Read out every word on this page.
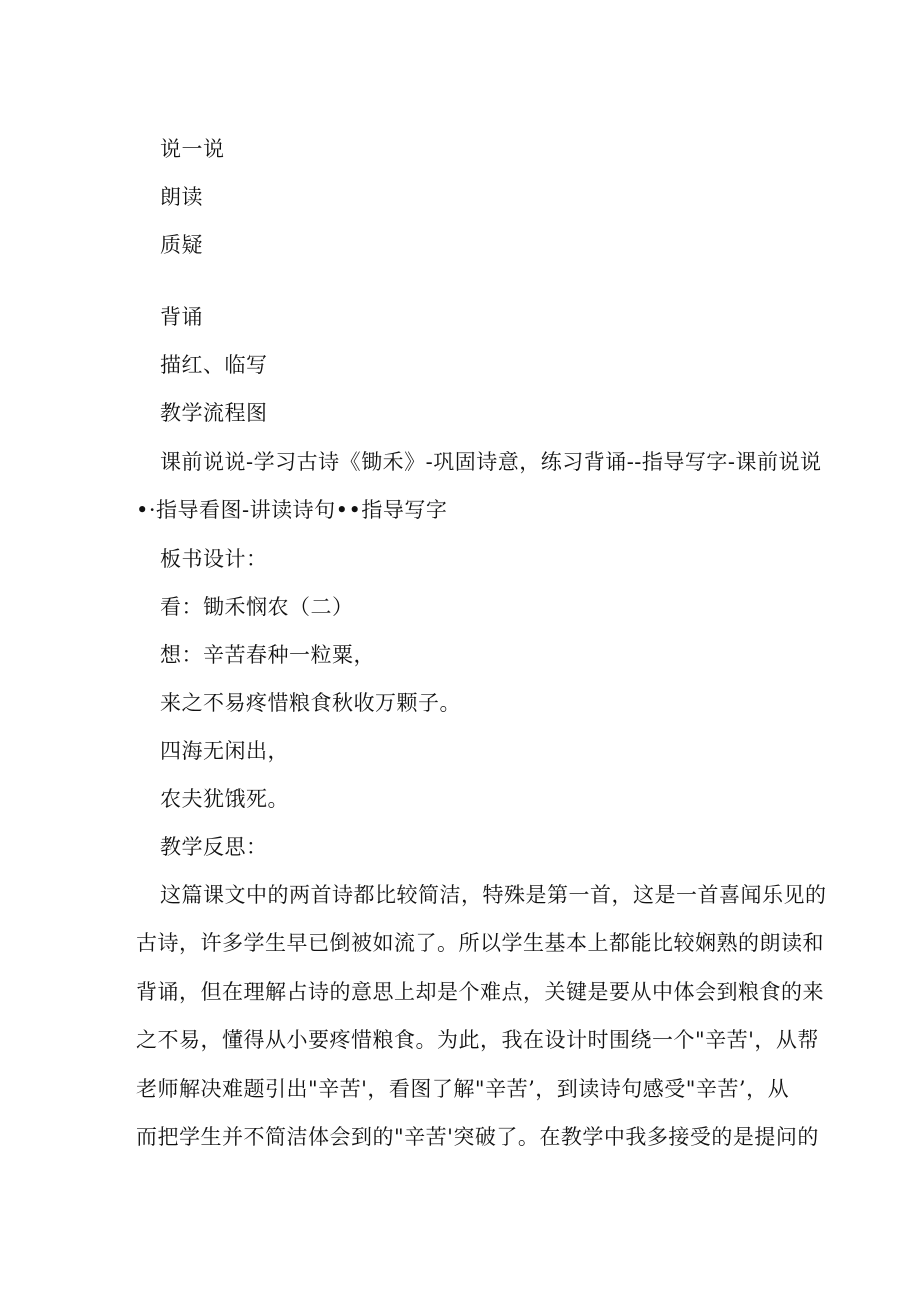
说一说
朗读
质疑
背诵
描红、临写
教学流程图
课前说说-学习古诗《锄禾》-巩固诗意，练习背诵--指导写字-课前说说
•·指导看图-讲读诗句••指导写字
板书设计：
看：锄禾悯农（二）
想：辛苦春种一粒粟，
来之不易疼惜粮食秋收万颗子。
四海无闲出，
农夫犹饿死。
教学反思：
这篇课文中的两首诗都比较简洁，特殊是第一首，这是一首喜闻乐见的
古诗，许多学生早已倒被如流了。所以学生基本上都能比较娴熟的朗读和
背诵，但在理解占诗的意思上却是个难点，关键是要从中体会到粮食的来
之不易，懂得从小要疼惜粮食。为此，我在设计时围绕一个"辛苦'，从帮
老师解决难题引出"辛苦'，看图了解"辛苦’，到读诗句感受"辛苦’，从
而把学生并不简洁体会到的"辛苦'突破了。在教学中我多接受的是提问的
